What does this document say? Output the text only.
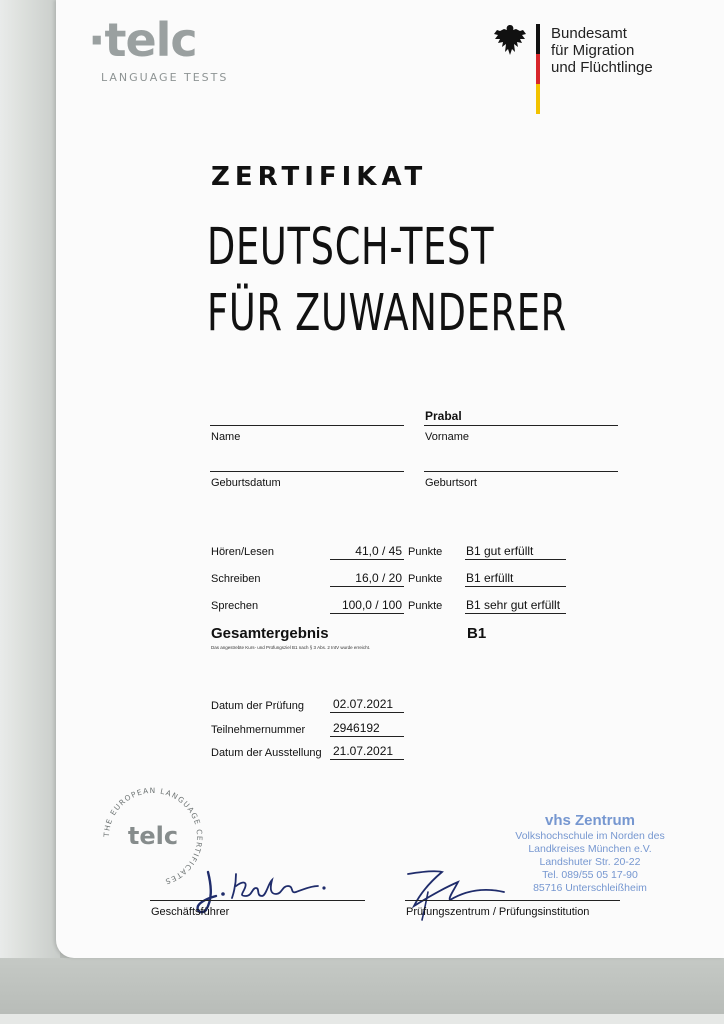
·telc
LANGUAGE TESTS
Bundesamt
für Migration
und Flüchtlinge
ZERTIFIKAT
DEUTSCH-TEST
FÜR ZUWANDERER
Name
Prabal
Vorname
Geburtsdatum	Geburtsort
Hören/Lesen	41,0 / 45 Punkte B1 gut erfüllt
Schreiben	16,0 / 20 Punkte B1 erfüllt
Sprechen	100,0 / 100 Punkte B1 sehr gut erfüllt
Gesamtergebnis
Das angestrebte Kurs- und Prüfungsziel B1 nach § 3 Abs. 2 IntV wurde erreicht.
B1
Datum der Prüfung 02.07.2021
Teilnehmernummer 2946192
Datum der Ausstellung 21.07.2021
THE EUROPEAN LANGUAGE CERTIFICATES
telc
Geschäftsführer	Prüfungszentrum / Prüfungsinstitution
vhs Zentrum
Volkshochschule im Norden des
Landkreises München e.V.
Landshuter Str. 20-22
Tel. 089/55 05 17-90
85716 Unterschleißheim
